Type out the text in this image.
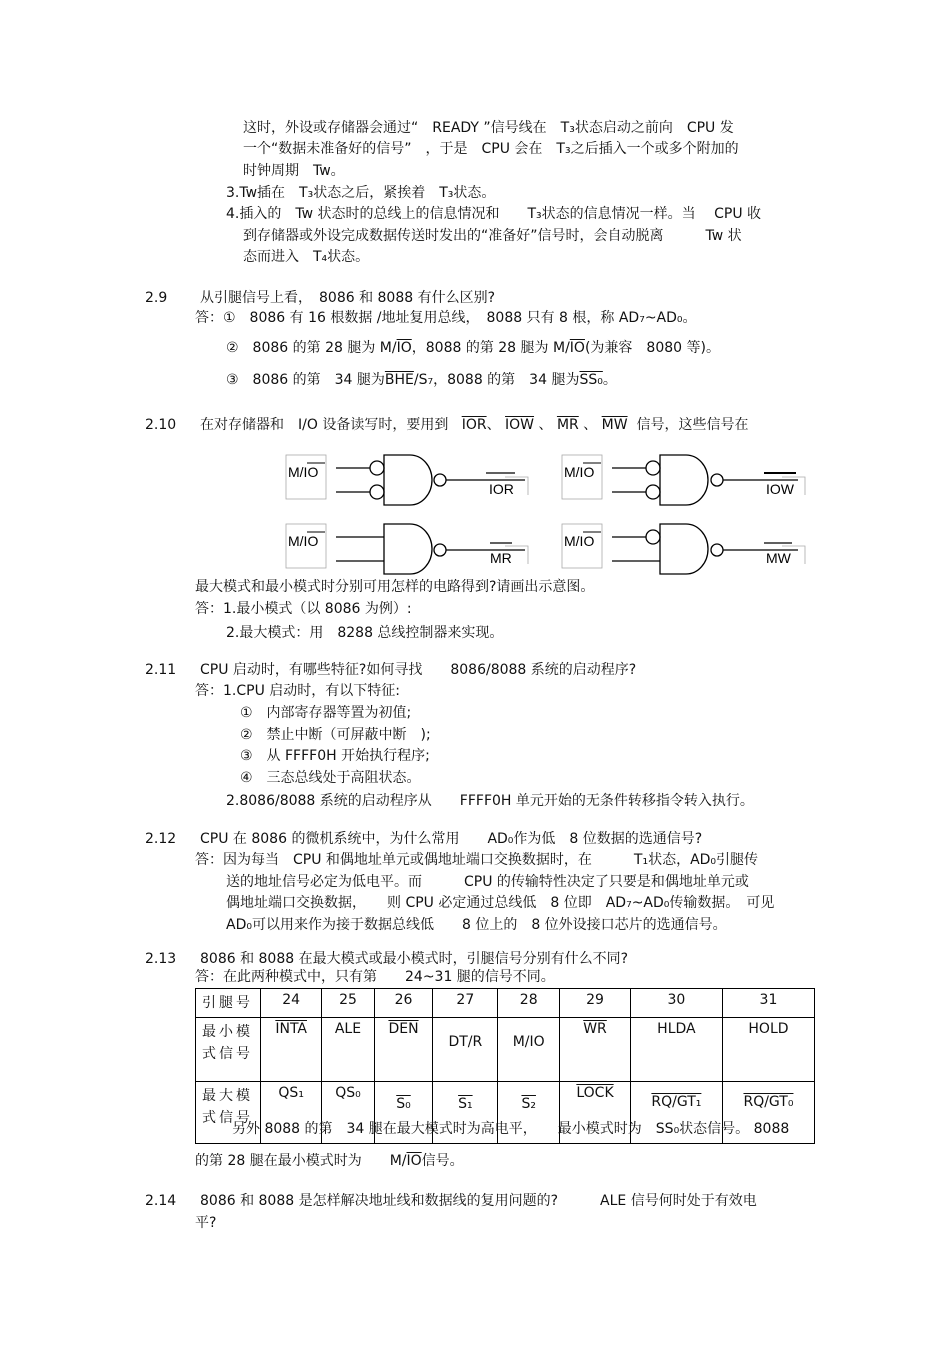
这时，外设或存储器会通过“　READY ”信号线在　T₃状态启动之前向　CPU 发
一个“数据未准备好的信号”　，于是　CPU 会在　T₃之后插入一个或多个附加的
时钟周期　Tw。
3.Tw插在　T₃状态之后，紧挨着　T₃状态。
4.插入的　Tw 状态时的总线上的信息情况和　　T₃状态的信息情况一样。当　 CPU 收
到存储器或外设完成数据传送时发出的“准备好”信号时，会自动脱离　　　Tw 状
态而进入　T₄状态。
2.9 从引腿信号上看，　8086 和 8088 有什么区别?
答：①　8086 有 16 根数据 /地址复用总线，　8088 只有 8 根，称 AD₇~AD₀。
②　8086 的第 28 腿为 $M/\overline{IO}$，8088 的第 28 腿为 $M/\overline{IO}$(为兼容　8080 等)。
③　8086 的第　34 腿为$\overline{BHE}/S_7$，8088 的第　34 腿为SS₀。
2.10 在对存储器和　I/O 设备读写时，要用到 $\overline{IOR}$、 $\overline{IOW}$ 、 $\overline{MR}$ 、 $\overline{MW}$ 信号，这些信号在
M/IO
IOR
M/IO
IOW
M/IO
MR
M/IO
MW
最大模式和最小模式时分别可用怎样的电路得到?请画出示意图。
答：1.最小模式（以 8086 为例）:
2.最大模式：用　8288 总线控制器来实现。
2.11 CPU 启动时，有哪些特征?如何寻找　　8086/8088 系统的启动程序?
答：1.CPU 启动时，有以下特征:
①　内部寄存器等置为初值;
②　禁止中断（可屏蔽中断　);
③　从 FFFF0H 开始执行程序;
④　三态总线处于高阻状态。
2.8086/8088 系统的启动程序从　　FFFF0H 单元开始的无条件转移指令转入执行。
2.12 CPU 在 8086 的微机系统中，为什么常用　　AD₀作为低　8 位数据的选通信号?
答：因为每当　CPU 和偶地址单元或偶地址端口交换数据时，在　　　T₁状态，AD₀引腿传
送的地址信号必定为低电平。而　　　CPU 的传输特性决定了只要是和偶地址单元或
偶地址端口交换数据，　　则 CPU 必定通过总线低　8 位即　AD₇~AD₀传输数据。　可见
AD₀可以用来作为接于数据总线低　　8 位上的　8 位外设接口芯片的选通信号。
2.13 8086 和 8088 在最大模式或最小模式时，引腿信号分别有什么不同?
答：在此两种模式中，只有第　　24~31 腿的信号不同。
引腿号	24	25	26	27	28	29	30	31
最小模式信号	INTA	ALE	$\overline{DEN}$	DT/R	M/IO	$\overline{WR}$	HLDA	HOLD
最大模式信号	QS₁	QS₀	S₀	S₁	S₂	LOCK	RQ/GT₁	RQ/GT₀
另外 8088 的第　34 腿在最大模式时为高电平，　　最小模式时为　SS₀状态信号。 8088
的第 28 腿在最小模式时为　　$M/\overline{IO}$信号。
2.14 8086 和 8088 是怎样解决地址线和数据线的复用问题的?　　　ALE 信号何时处于有效电
平?
